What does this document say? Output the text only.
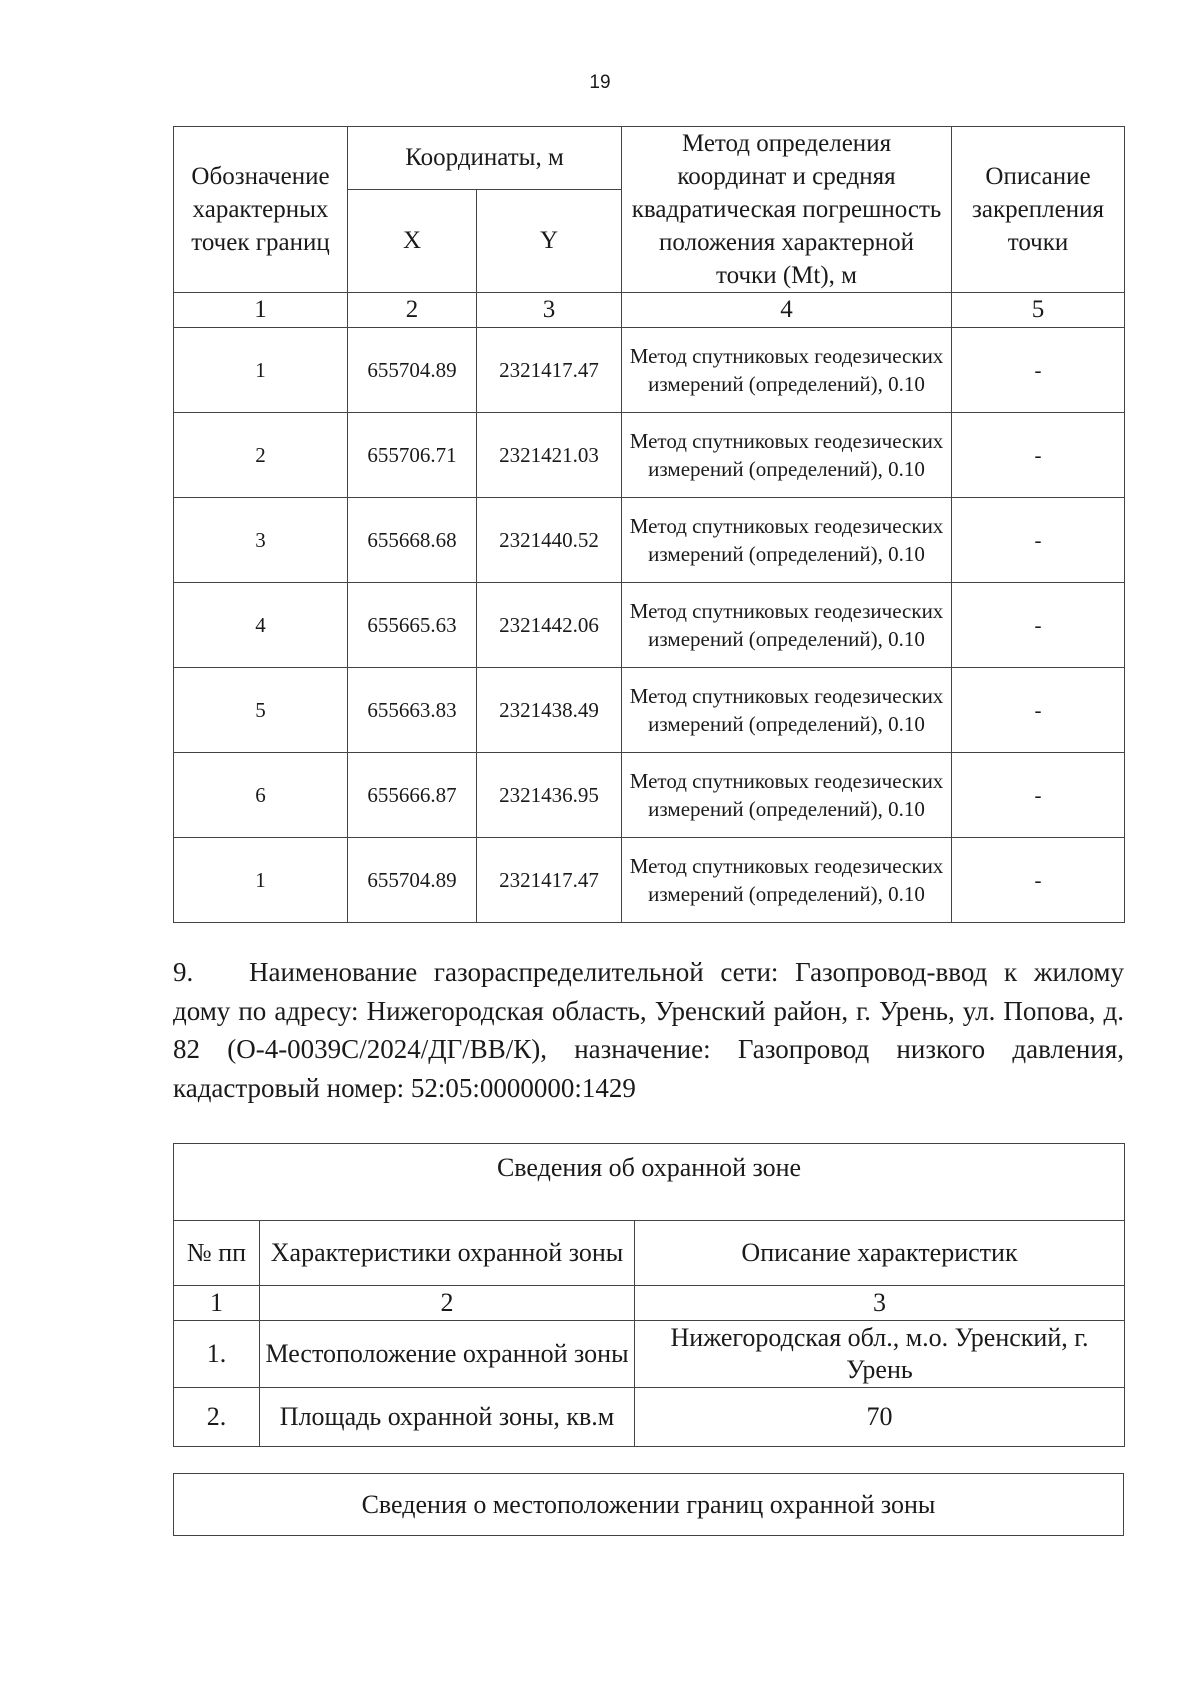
19
Обозначение характерных точек границ	Координаты, м		Метод определения координат и средняя квадратическая погрешность положения характерной точки (Mt), м	Описание закрепления точки
	X	Y		
1	2	3	4	5
1	655704.89	2321417.47	Метод спутниковых геодезических измерений (определений), 0.10	-
2	655706.71	2321421.03	Метод спутниковых геодезических измерений (определений), 0.10	-
3	655668.68	2321440.52	Метод спутниковых геодезических измерений (определений), 0.10	-
4	655665.63	2321442.06	Метод спутниковых геодезических измерений (определений), 0.10	-
5	655663.83	2321438.49	Метод спутниковых геодезических измерений (определений), 0.10	-
6	655666.87	2321436.95	Метод спутниковых геодезических измерений (определений), 0.10	-
1	655704.89	2321417.47	Метод спутниковых геодезических измерений (определений), 0.10	-
9. Наименование газораспределительной сети: Газопровод-ввод к жилому дому по адресу: Нижегородская область, Уренский район, г. Урень, ул. Попова, д. 82 (О-4-0039С/2024/ДГ/ВВ/К), назначение: Газопровод низкого давления, кадастровый номер: 52:05:0000000:1429
Сведения об охранной зоне		
№ пп	Характеристики охранной зоны	Описание характеристик
1	2	3
1.	Местоположение охранной зоны	Нижегородская обл., м.о. Уренский, г. Урень
2.	Площадь охранной зоны, кв.м	70
Сведения о местоположении границ охранной зоны
